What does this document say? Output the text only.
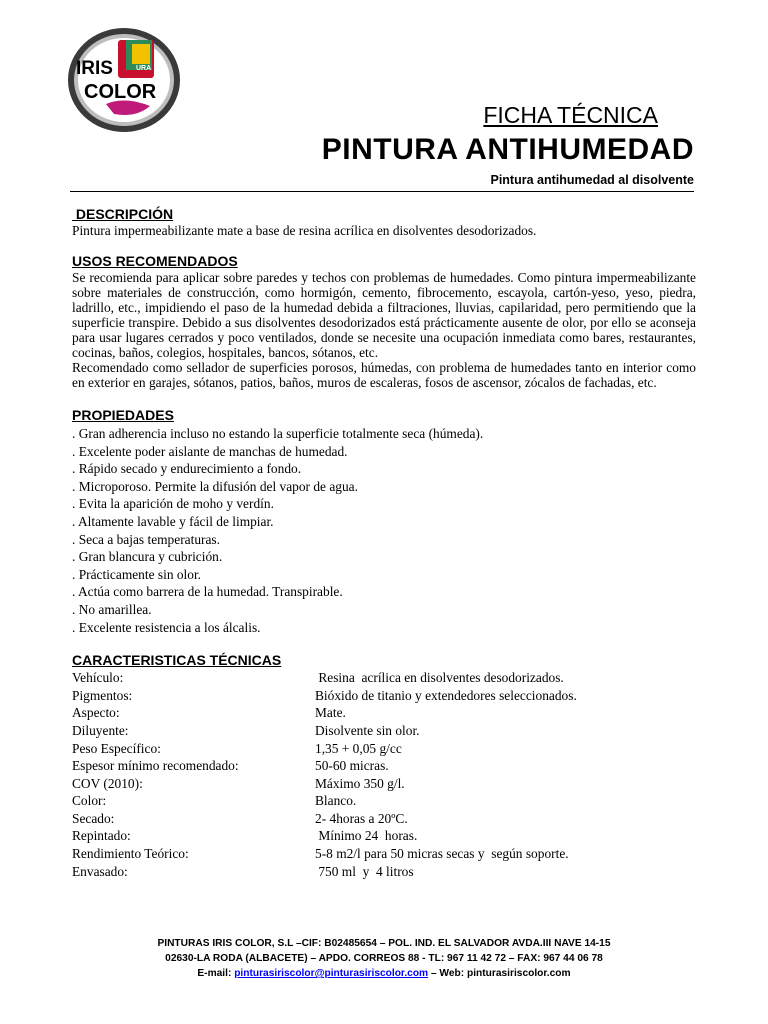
IRIS	URA
COLOR
FICHA TÉCNICA
PINTURA ANTIHUMEDAD
Pintura antihumedad al disolvente

DESCRIPCIÓN

Pintura impermeabilizante mate a base de resina acrílica en disolventes desodorizados.

USOS RECOMENDADOS

Se recomienda para aplicar sobre paredes y techos con problemas de humedades. Como pintura impermeabilizante sobre materiales de construcción, como hormigón, cemento, fibrocemento, escayola, cartón-yeso, yeso, piedra, ladrillo, etc., impidiendo el paso de la humedad debida a filtraciones, lluvias, capilaridad, pero permitiendo que la superficie transpire. Debido a sus disolventes desodorizados está prácticamente ausente de olor, por ello se aconseja para usar lugares cerrados y poco ventilados, donde se necesite una ocupación inmediata como bares, restaurantes, cocinas, baños, colegios, hospitales, bancos, sótanos, etc.

Recomendado como sellador de superficies porosos, húmedas, con problema de humedades tanto en interior como en exterior en garajes, sótanos, patios, baños, muros de escaleras, fosos de ascensor, zócalos de fachadas, etc.

PROPIEDADES

. Gran adherencia incluso no estando la superficie totalmente seca (húmeda).
. Excelente poder aislante de manchas de humedad.
. Rápido secado y endurecimiento a fondo.
. Microporoso. Permite la difusión del vapor de agua.
. Evita la aparición de moho y verdín.
. Altamente lavable y fácil de limpiar.
. Seca a bajas temperaturas.
. Gran blancura y cubrición.
. Prácticamente sin olor.
. Actúa como barrera de la humedad. Transpirable.
. No amarillea.
. Excelente resistencia a los álcalis.

CARACTERISTICAS TÉCNICAS

Vehículo:	Resina  acrílica en disolventes desodorizados.
Pigmentos:	Bióxido de titanio y extendedores seleccionados.
Aspecto:	Mate.
Diluyente:	Disolvente sin olor.
Peso Específico:	1,35 + 0,05 g/cc
Espesor mínimo recomendado:	50-60 micras.
COV (2010):	Máximo 350 g/l.
Color:	Blanco.
Secado:	2- 4horas a 20ºC.
Repintado:	Mínimo 24  horas.
Rendimiento Teórico:	5-8 m2/l para 50 micras secas y  según soporte.
Envasado:	750 ml  y  4 litros
PINTURAS IRIS COLOR, S.L –CIF: B02485654 – POL. IND. EL SALVADOR AVDA.III NAVE 14-15
02630-LA RODA (ALBACETE) – APDO. CORREOS 88 - TL: 967 11 42 72 – FAX: 967 44 06 78
E-mail: pinturasiriscolor@pinturasiriscolor.com – Web: pinturasiriscolor.com
